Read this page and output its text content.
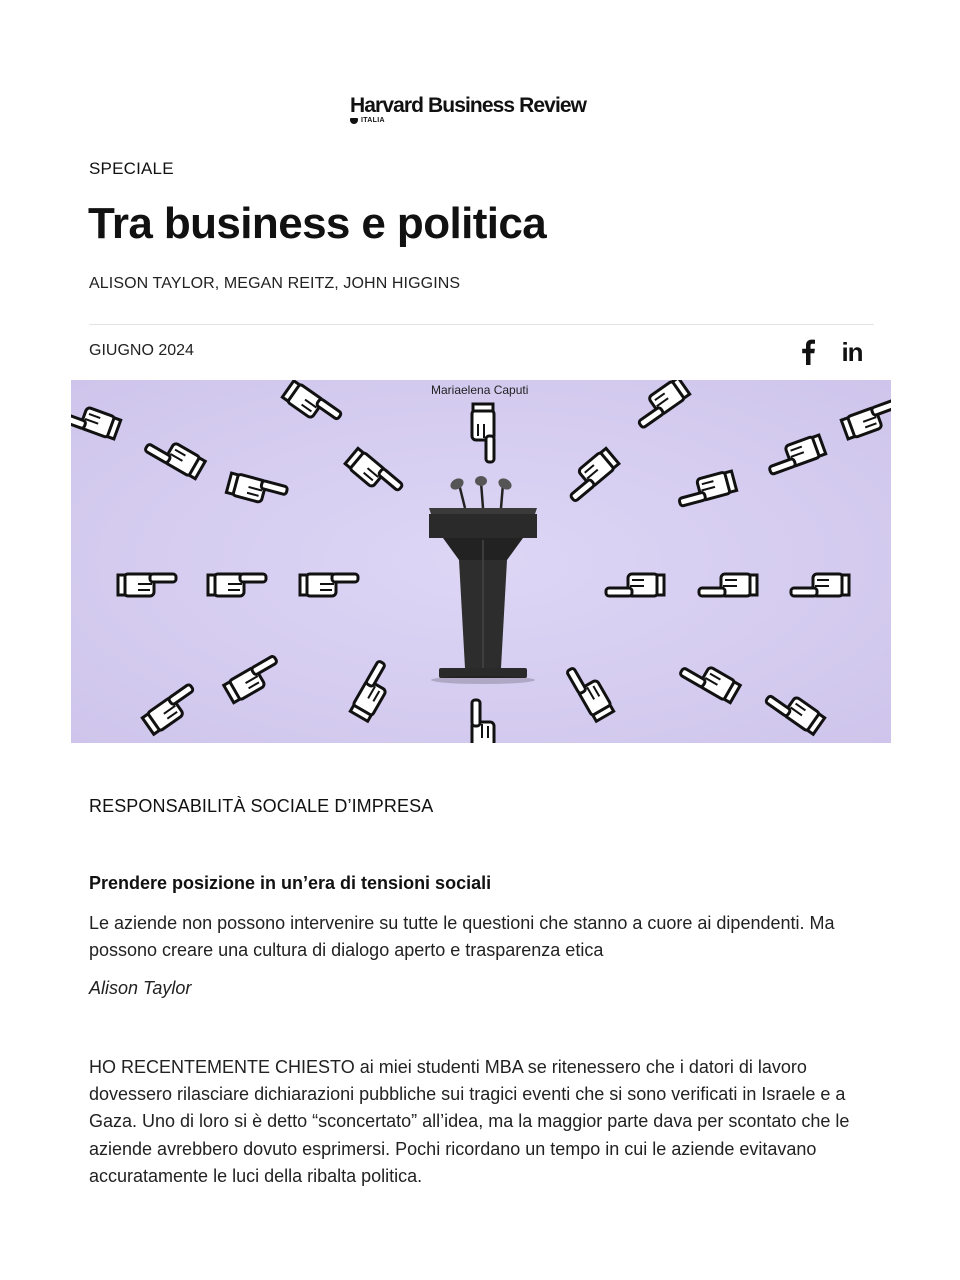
Harvard Business Review
ITALIA
SPECIALE
Tra business e politica
ALISON TAYLOR, MEGAN REITZ, JOHN HIGGINS
GIUGNO 2024	in
Mariaelena Caputi
RESPONSABILITÀ SOCIALE D’IMPRESA
Prendere posizione in un’era di tensioni sociali

Le aziende non possono intervenire su tutte le questioni che stanno a cuore ai dipendenti. Ma possono creare una cultura di dialogo aperto e trasparenza etica

Alison Taylor

HO RECENTEMENTE CHIESTO ai miei studenti MBA se ritenessero che i datori di lavoro dovessero rilasciare dichiarazioni pubbliche sui tragici eventi che si sono verificati in Israele e a Gaza. Uno di loro si è detto “sconcertato” all’idea, ma la maggior parte dava per scontato che le aziende avrebbero dovuto esprimersi. Pochi ricordano un tempo in cui le aziende evitavano accuratamente le luci della ribalta politica.
